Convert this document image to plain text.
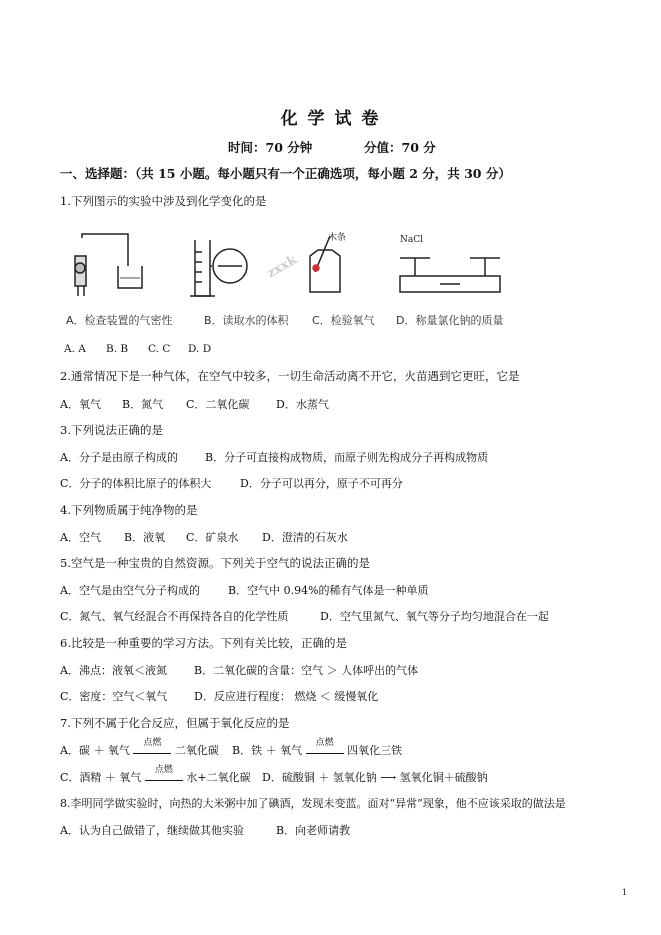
化 学 试 卷
时间：70 分钟	分值：70 分
一、选择题：（共 15 小题。每小题只有一个正确选项，每小题 2 分，共 30 分）
1.下列图示的实验中涉及到化学变化的是
木条
zxxk
NaCl
A．检查装置的气密性	B．读取水的体积 C．检验氧气 D．称量氯化钠的质量
A. A B. B C. C D. D
2.通常情况下是一种气体，在空气中较多，一切生命活动离不开它，火苗遇到它更旺，它是
A．氧气 B．氮气 C．二氧化碳 D．水蒸气
3.下列说法正确的是
A．分子是由原子构成的 B．分子可直接构成物质，而原子则先构成分子再构成物质
C．分子的体积比原子的体积大	D．分子可以再分，原子不可再分
4.下列物质属于纯净物的是
A．空气 B．液氧 C．矿泉水 D．澄清的石灰水
5.空气是一种宝贵的自然资源。下列关于空气的说法正确的是
A．空气是由空气分子构成的	B．空气中 0.94%的稀有气体是一种单质
C．氮气、氧气经混合不再保持各自的化学性质	D．空气里氮气、氧气等分子均匀地混合在一起
6.比较是一种重要的学习方法。下列有关比较，正确的是
A．沸点：液氧＜液氮 B．二氧化碳的含量：空气 ＞ 人体呼出的气体
C．密度：空气＜氧气 D．反应进行程度： 燃烧 ＜ 缓慢氧化
7.下列不属于化合反应，但属于氧化反应的是
A．碳 ＋ 氧气
点燃
二氧化碳 B．铁 ＋ 氧气
点燃
四氧化三铁
C．酒精 ＋ 氧气
点燃
水+二氧化碳 D．硫酸铜 ＋ 氢氧化钠 ⟶ 氢氧化铜＋硫酸钠
8.李明同学做实验时，向热的大米粥中加了碘酒，发现未变蓝。面对“异常”现象，他不应该采取的做法是
A．认为自己做错了，继续做其他实验	B．向老师请教
1
